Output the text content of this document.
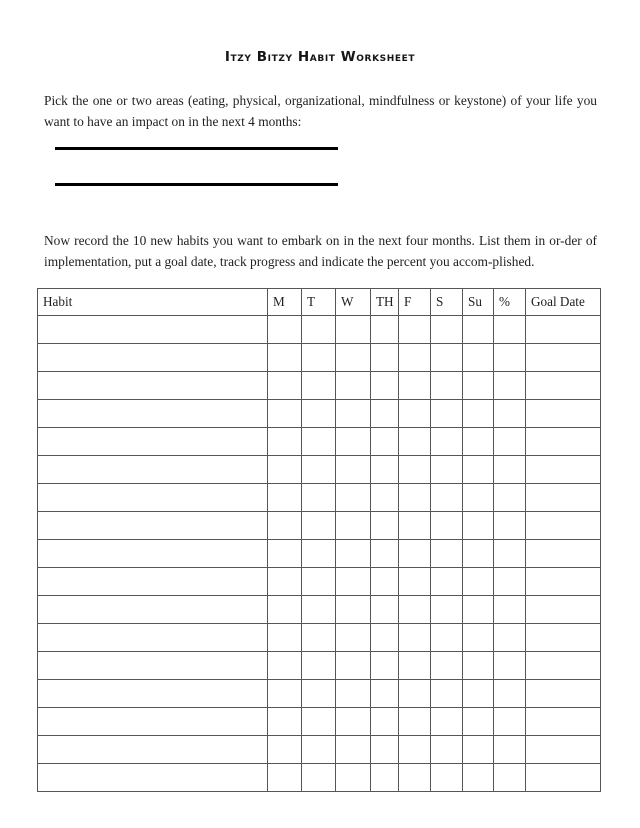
Itzy Bitzy Habit Worksheet

Pick the one or two areas (eating, physical, organizational, mindfulness or keystone) of your life you want to have an impact on in the next 4 months:

Now record the 10 new habits you want to embark on in the next four months. List them in or-der of implementation, put a goal date, track progress and indicate the percent you accom-plished.

Habit	M	T	W	TH	F	S	Su	%	Goal Date
